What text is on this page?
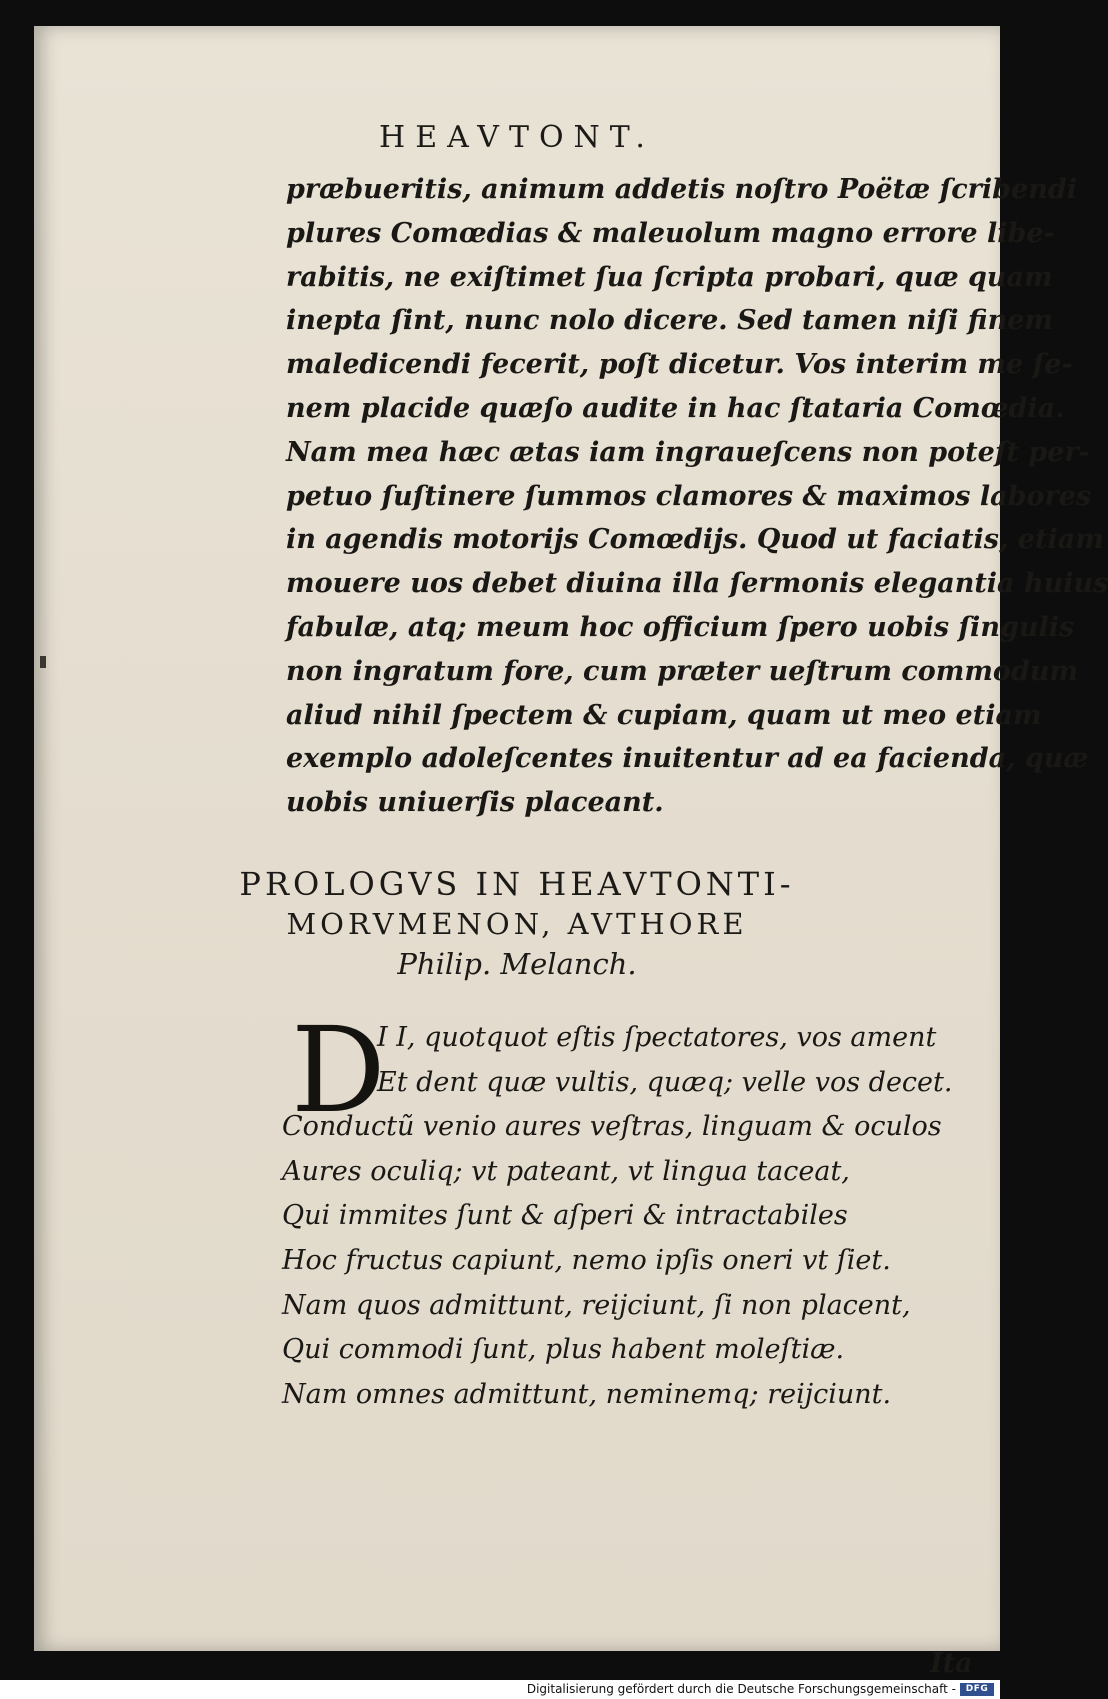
HEAVTONT.
præbueritis, animum addetis noſtro Poëtæ ſcribendi
plures Comœdias & maleuolum magno errore libe-
rabitis, ne exiſtimet ſua ſcripta probari, quæ quam
inepta ſint, nunc nolo dicere. Sed tamen niſi finem
maledicendi fecerit, poſt dicetur. Vos interim me ſe-
nem placide quæſo audite in hac ſtataria Comœdia.
Nam mea hæc ætas iam ingraueſcens non poteſt per-
petuo ſuſtinere ſummos clamores & maximos labores
in agendis motorijs Comœdijs. Quod ut faciatis, etiam
mouere uos debet diuina illa ſermonis elegantia huius
fabulæ, atq; meum hoc officium ſpero uobis ſingulis
non ingratum fore, cum præter ueſtrum commodum
aliud nihil ſpectem & cupiam, quam ut meo etiam
exemplo adoleſcentes inuitentur ad ea facienda, quæ
uobis uniuerſis placeant.
PROLOGVS IN HEAVTONTI-
MORVMENON, AVTHORE
Philip. Melanch.
D
I I, quotquot eſtis ſpectatores, vos ament
Et dent quæ vultis, quæq; velle vos decet.
Conductũ venio aures veſtras, linguam & oculos
Aures oculiq; vt pateant, vt lingua taceat,
Qui immites ſunt & aſperi & intractabiles
Hoc fructus capiunt, nemo ipſis oneri vt ſiet.
Nam quos admittunt, reijciunt, ſi non placent,
Qui commodi ſunt, plus habent moleſtiæ.
Nam omnes admittunt, neminemq; reijciunt.
Ita
Digitalisierung gefördert durch die Deutsche Forschungsgemeinschaft -	DFG
